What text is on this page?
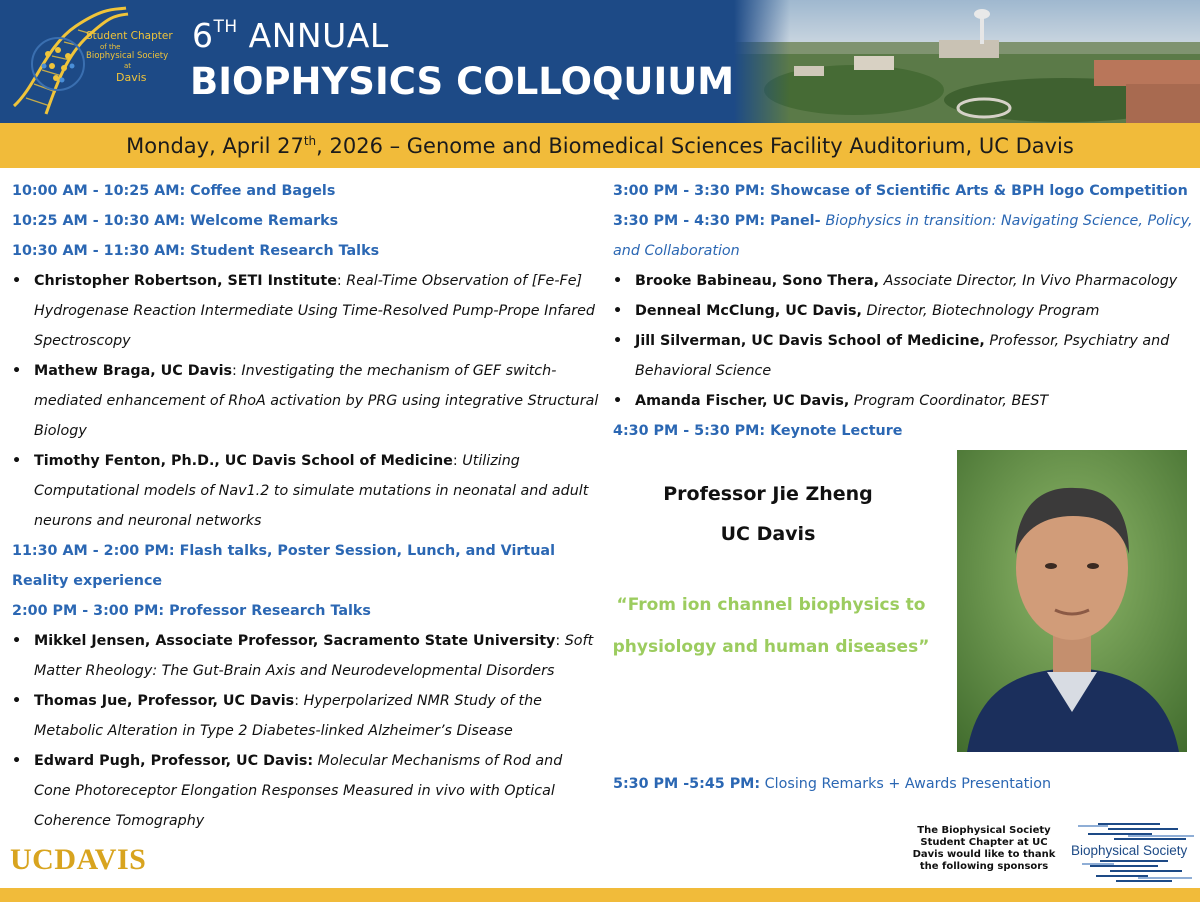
Student Chapter
of the
Biophysical Society
at
Davis
6TH ANNUAL
BIOPHYSICS COLLOQUIUM
Monday, April 27th, 2026 – Genome and Biomedical Sciences Facility Auditorium, UC Davis
10:00 AM - 10:25 AM: Coffee and Bagels
10:25 AM - 10:30 AM: Welcome Remarks
10:30 AM - 11:30 AM: Student Research Talks
• Christopher Robertson, SETI Institute: Real-Time Observation of [Fe-Fe] Hydrogenase Reaction Intermediate Using Time-Resolved Pump-Prope Infared Spectroscopy
• Mathew Braga, UC Davis: Investigating the mechanism of GEF switch-mediated enhancement of RhoA activation by PRG using integrative Structural Biology
• Timothy Fenton, Ph.D., UC Davis School of Medicine: Utilizing Computational models of Nav1.2 to simulate mutations in neonatal and adult neurons and neuronal networks
11:30 AM - 2:00 PM: Flash talks, Poster Session, Lunch, and Virtual Reality experience
2:00 PM - 3:00 PM: Professor Research Talks
• Mikkel Jensen, Associate Professor, Sacramento State University: Soft Matter Rheology: The Gut-Brain Axis and Neurodevelopmental Disorders
• Thomas Jue, Professor, UC Davis: Hyperpolarized NMR Study of the Metabolic Alteration in Type 2 Diabetes-linked Alzheimer’s Disease
• Edward Pugh, Professor, UC Davis: Molecular Mechanisms of Rod and Cone Photoreceptor Elongation Responses Measured in vivo with Optical Coherence Tomography
3:00 PM - 3:30 PM: Showcase of Scientific Arts & BPH logo Competition
3:30 PM - 4:30 PM: Panel- Biophysics in transition: Navigating Science, Policy, and Collaboration
• Brooke Babineau, Sono Thera, Associate Director, In Vivo Pharmacology
• Denneal McClung, UC Davis, Director, Biotechnology Program
• Jill Silverman, UC Davis School of Medicine, Professor, Psychiatry and Behavioral Science
• Amanda Fischer, UC Davis, Program Coordinator, BEST
4:30 PM - 5:30 PM: Keynote Lecture
Professor Jie Zheng
UC Davis
“From ion channel biophysics to physiology and human diseases”
5:30 PM -5:45 PM: Closing Remarks + Awards Presentation
UCDAVIS
The Biophysical Society Student Chapter at UC Davis would like to thank the following sponsors
Biophysical Society
